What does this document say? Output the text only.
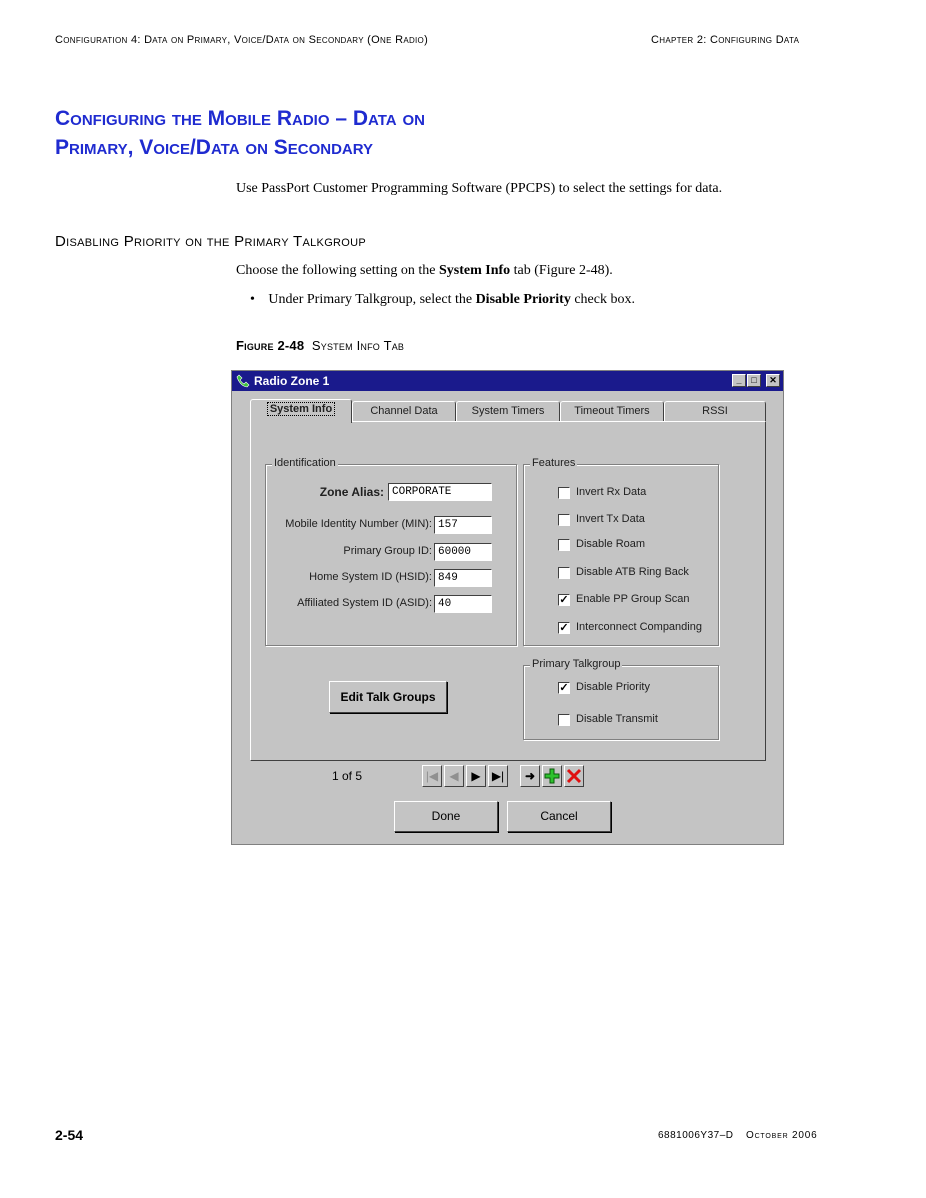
Configuration 4: Data on Primary, Voice/Data on Secondary (One Radio)	Chapter 2: Configuring Data
Configuring the Mobile Radio – Data on
Primary, Voice/Data on Secondary
Use PassPort Customer Programming Software (PPCPS) to select the settings for data.
Disabling Priority on the Primary Talkgroup
Choose the following setting on the System Info tab (Figure 2-48).
• Under Primary Talkgroup, select the Disable Priority check box.
Figure 2-48 System Info Tab
Radio Zone 1	_	□	✕
System Info	Channel Data	System Timers	Timeout Timers	RSSI
Identification
Zone Alias: CORPORATE
Mobile Identity Number (MIN): 157
Primary Group ID: 60000
Home System ID (HSID): 849
Affiliated System ID (ASID): 40
Features
Invert Rx Data
Invert Tx Data
Disable Roam
Disable ATB Ring Back
✓ Enable PP Group Scan
✓ Interconnect Companding
Primary Talkgroup
✓ Disable Priority
Disable Transmit
Edit Talk Groups
1 of 5	|◀ ◀	▶ ▶|	➜
Done	Cancel
2-54	6881006Y37–D October 2006
